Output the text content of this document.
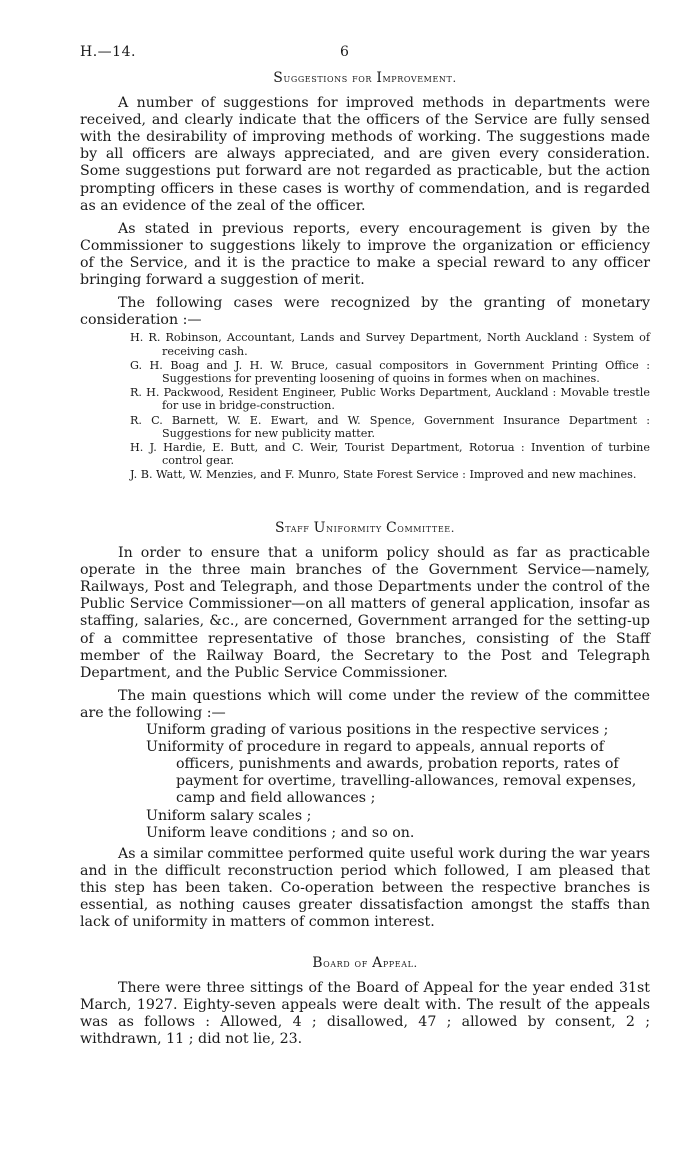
H.—14.	6
Suggestions for Improvement.

A number of suggestions for improved methods in departments were received, and clearly indicate that the officers of the Service are fully sensed with the desirability of improving methods of working. The suggestions made by all officers are always appreciated, and are given every consideration. Some suggestions put forward are not regarded as practicable, but the action prompting officers in these cases is worthy of commendation, and is regarded as an evidence of the zeal of the officer.

As stated in previous reports, every encouragement is given by the Commissioner to suggestions likely to improve the organization or efficiency of the Service, and it is the practice to make a special reward to any officer bringing forward a suggestion of merit.

The following cases were recognized by the granting of monetary consideration :—

H. R. Robinson, Accountant, Lands and Survey Department, North Auckland : System of receiving cash.
G. H. Boag and J. H. W. Bruce, casual compositors in Government Printing Office : Suggestions for preventing loosening of quoins in formes when on machines.
R. H. Packwood, Resident Engineer, Public Works Department, Auckland : Movable trestle for use in bridge-construction.
R. C. Barnett, W. E. Ewart, and W. Spence, Government Insurance Department : Suggestions for new publicity matter.
H. J. Hardie, E. Butt, and C. Weir, Tourist Department, Rotorua : Invention of turbine control gear.
J. B. Watt, W. Menzies, and F. Munro, State Forest Service : Improved and new machines.
Staff Uniformity Committee.

In order to ensure that a uniform policy should as far as practicable operate in the three main branches of the Government Service—namely, Railways, Post and Telegraph, and those Departments under the control of the Public Service Commissioner—on all matters of general application, insofar as staffing, salaries, &c., are concerned, Government arranged for the setting-up of a committee representative of those branches, consisting of the Staff member of the Railway Board, the Secretary to the Post and Telegraph Department, and the Public Service Commissioner.

The main questions which will come under the review of the committee are the following :—

Uniform grading of various positions in the respective services ;
Uniformity of procedure in regard to appeals, annual reports of officers, punishments and awards, probation reports, rates of payment for overtime, travelling-allowances, removal expenses, camp and field allowances ;
Uniform salary scales ;
Uniform leave conditions ; and so on.

As a similar committee performed quite useful work during the war years and in the difficult reconstruction period which followed, I am pleased that this step has been taken. Co-operation between the respective branches is essential, as nothing causes greater dissatisfaction amongst the staffs than lack of uniformity in matters of common interest.

Board of Appeal.

There were three sittings of the Board of Appeal for the year ended 31st March, 1927. Eighty-seven appeals were dealt with. The result of the appeals was as follows : Allowed, 4 ; disallowed, 47 ; allowed by consent, 2 ; withdrawn, 11 ; did not lie, 23.
